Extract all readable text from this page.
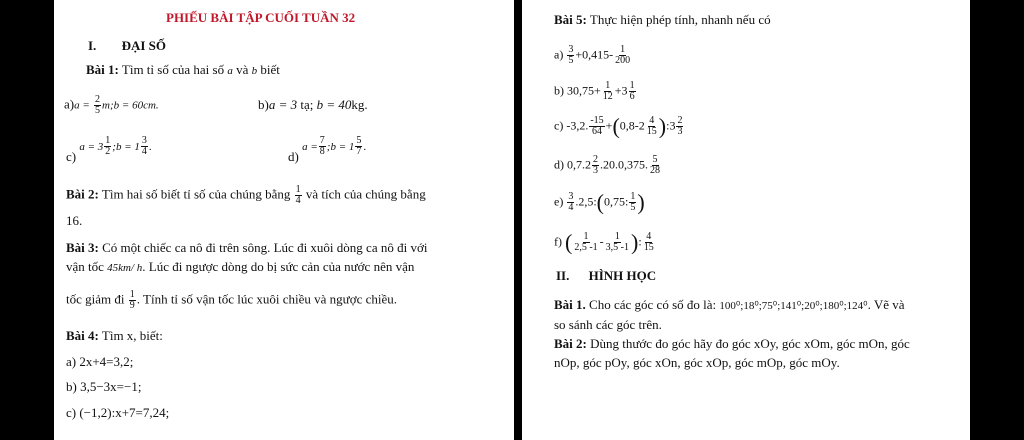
PHIẾU BÀI TẬP CUỐI TUẦN 32
I. ĐẠI SỐ
Bài 1: Tìm tỉ số của hai số a và b biết
$a)a = \frac{2}{5}$ m;b = 60cm.	b)a = 3 tạ; b = 40kg.
c)
$a = 3 \frac{1}{2}$ ;b = $1 \frac{3}{4}$ .
d)
$a = \frac{7}{8}$ ;b = $1 \frac{5}{7}$ .
Bài 2: Tìm hai số biết tỉ số của chúng bằng $\frac{1}{4}$ và tích của chúng bằng
16.
Bài 3: Có một chiếc ca nô đi trên sông. Lúc đi xuôi dòng ca nô đi với
vận tốc 45km/ h. Lúc đi ngược dòng do bị sức cản của nước nên vận
tốc giảm đi $\frac{1}{9}$ . Tính tỉ số vận tốc lúc xuôi chiều và ngược chiều.
Bài 4: Tìm x, biết:
a) 2x+4=3,2;
b) 3,5−3x=−1;
c) (−1,2):x+7=7,24;
Bài 5: Thực hiện phép tính, nhanh nếu có
$a) \frac{3}{5} +0,415- \frac{1}{200}$
b) $30,75+ \frac{1}{12} +3 \frac{1}{6}$
c) -3,2. $\frac{-15}{64} +(0,8-2 \frac{4}{15}$ ):3 $\frac{2}{3}$
d) $0,7.2 \frac{2}{3} .20.0,375$. $\frac{5}{28}$
$e) \frac{3}{4}$ .2,5:(0,75: $\frac{1}{5}$ )
f) ( $\frac{1}{2,5 -1} - \frac{1}{3,5 -1}$ ): $\frac{4}{15}$
II. HÌNH HỌC
Bài 1. Cho các góc có số đo là: 100⁰;18⁰;75⁰;141⁰;20⁰;180⁰;124⁰. Vẽ và
so sánh các góc trên.
Bài 2: Dùng thước đo góc hãy đo góc xOy, góc xOm, góc mOn, góc
nOp, góc pOy, góc xOn, góc xOp, góc mOp, góc mOy.
